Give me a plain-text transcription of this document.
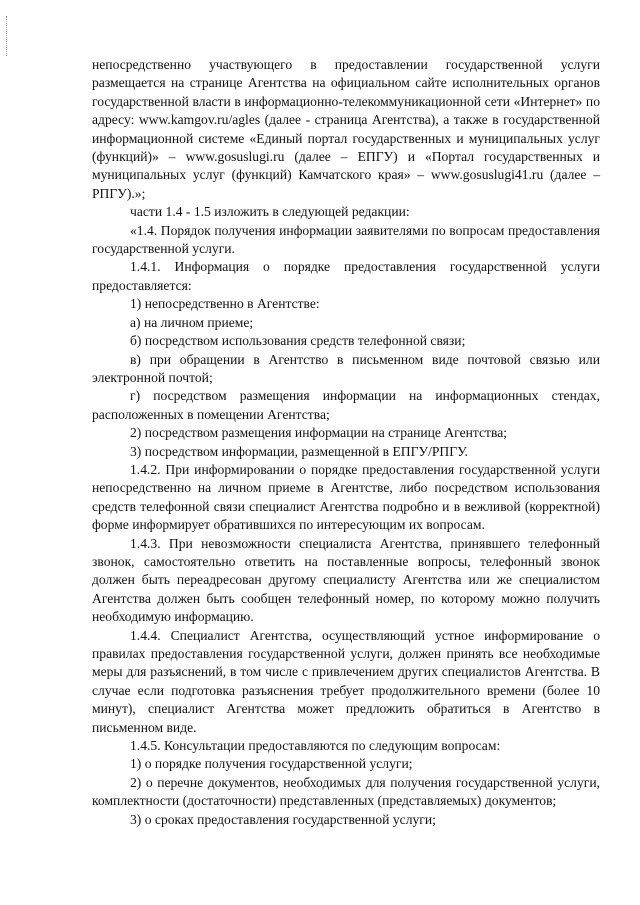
непосредственно участвующего в предоставлении государственной услуги размещается на странице Агентства на официальном сайте исполнительных органов государственной власти в информационно-телекоммуникационной сети «Интернет» по адресу: www.kamgov.ru/agles (далее - страница Агентства), а также в государственной информационной системе «Единый портал государственных и муниципальных услуг (функций)» – www.gosuslugi.ru (далее – ЕПГУ) и «Портал государственных и муниципальных услуг (функций) Камчатского края» – www.gosuslugi41.ru (далее – РПГУ).»;

части 1.4 - 1.5 изложить в следующей редакции:

«1.4. Порядок получения информации заявителями по вопросам предоставления государственной услуги.

1.4.1. Информация о порядке предоставления государственной услуги предоставляется:

1) непосредственно в Агентстве:

а) на личном приеме;

б) посредством использования средств телефонной связи;

в) при обращении в Агентство в письменном виде почтовой связью или электронной почтой;

г) посредством размещения информации на информационных стендах, расположенных в помещении Агентства;

2) посредством размещения информации на странице Агентства;

3) посредством информации, размещенной в ЕПГУ/РПГУ.

1.4.2. При информировании о порядке предоставления государственной услуги непосредственно на личном приеме в Агентстве, либо посредством использования средств телефонной связи специалист Агентства подробно и в вежливой (корректной) форме информирует обратившихся по интересующим их вопросам.

1.4.3. При невозможности специалиста Агентства, принявшего телефонный звонок, самостоятельно ответить на поставленные вопросы, телефонный звонок должен быть переадресован другому специалисту Агентства или же специалистом Агентства должен быть сообщен телефонный номер, по которому можно получить необходимую информацию.

1.4.4. Специалист Агентства, осуществляющий устное информирование о правилах предоставления государственной услуги, должен принять все необходимые меры для разъяснений, в том числе с привлечением других специалистов Агентства. В случае если подготовка разъяснения требует продолжительного времени (более 10 минут), специалист Агентства может предложить обратиться в Агентство в письменном виде.

1.4.5. Консультации предоставляются по следующим вопросам:

1) о порядке получения государственной услуги;

2) о перечне документов, необходимых для получения государственной услуги, комплектности (достаточности) представленных (представляемых) документов;

3) о сроках предоставления государственной услуги;
